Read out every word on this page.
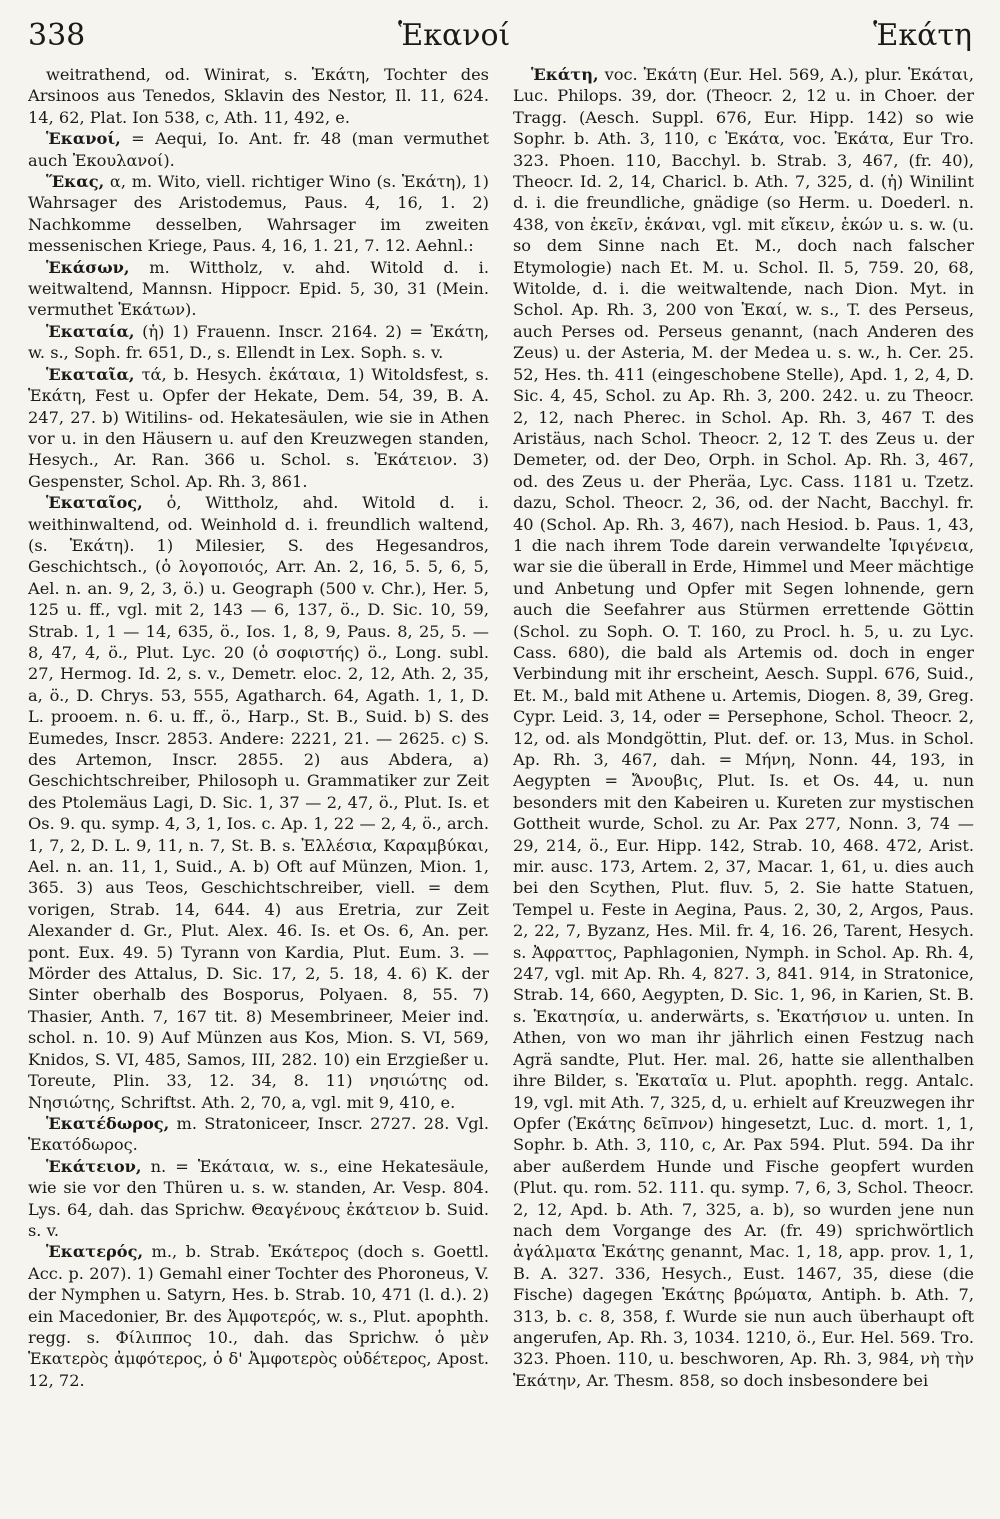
338	Ἑκανοί	Ἑκάτη

weitrathend, od. Winirat, s. Ἑκάτη, Tochter des Arsinoos aus Tenedos, Sklavin des Nestor, Il. 11, 624. 14, 62, Plat. Ion 538, c, Ath. 11, 492, e.

Ἑκανοί, = Aequi, Io. Ant. fr. 48 (man vermuthet auch Ἐκουλανοί).

Ἕκας, α, m. Wito, viell. richtiger Wino (s. Ἑκάτη), 1) Wahrsager des Aristodemus, Paus. 4, 16, 1. 2) Nachkomme desselben, Wahrsager im zweiten messenischen Kriege, Paus. 4, 16, 1. 21, 7. 12. Aehnl.:

Ἑκάσων, m. Wittholz, v. ahd. Witold d. i. weitwaltend, Mannsn. Hippocr. Epid. 5, 30, 31 (Mein. vermuthet Ἑκάτων).

Ἑκαταία, (ἡ) 1) Frauenn. Inscr. 2164. 2) = Ἑκάτη, w. s., Soph. fr. 651, D., s. Ellendt in Lex. Soph. s. v.

Ἑκαταῖα, τά, b. Hesych. ἑκάταια, 1) Witoldsfest, s. Ἑκάτη, Fest u. Opfer der Hekate, Dem. 54, 39, B. A. 247, 27. b) Witilins- od. Hekatesäulen, wie sie in Athen vor u. in den Häusern u. auf den Kreuzwegen standen, Hesych., Ar. Ran. 366 u. Schol. s. Ἑκάτειον. 3) Gespenster, Schol. Ap. Rh. 3, 861.

Ἑκαταῖος, ὁ, Wittholz, ahd. Witold d. i. weithinwaltend, od. Weinhold d. i. freundlich waltend, (s. Ἑκάτη). 1) Milesier, S. des Hegesandros, Geschichtsch., (ὁ λογοποιός, Arr. An. 2, 16, 5. 5, 6, 5, Ael. n. an. 9, 2, 3, ö.) u. Geograph (500 v. Chr.), Her. 5, 125 u. ff., vgl. mit 2, 143 — 6, 137, ö., D. Sic. 10, 59, Strab. 1, 1 — 14, 635, ö., Ios. 1, 8, 9, Paus. 8, 25, 5. — 8, 47, 4, ö., Plut. Lyc. 20 (ὁ σοφιστής) ö., Long. subl. 27, Hermog. Id. 2, s. v., Demetr. eloc. 2, 12, Ath. 2, 35, a, ö., D. Chrys. 53, 555, Agatharch. 64, Agath. 1, 1, D. L. prooem. n. 6. u. ff., ö., Harp., St. B., Suid. b) S. des Eumedes, Inscr. 2853. Andere: 2221, 21. — 2625. c) S. des Artemon, Inscr. 2855. 2) aus Abdera, a) Geschichtschreiber, Philosoph u. Grammatiker zur Zeit des Ptolemäus Lagi, D. Sic. 1, 37 — 2, 47, ö., Plut. Is. et Os. 9. qu. symp. 4, 3, 1, Ios. c. Ap. 1, 22 — 2, 4, ö., arch. 1, 7, 2, D. L. 9, 11, n. 7, St. B. s. Ἐλλέσια, Καραμβύκαι, Ael. n. an. 11, 1, Suid., A. b) Oft auf Münzen, Mion. 1, 365. 3) aus Teos, Geschichtschreiber, viell. = dem vorigen, Strab. 14, 644. 4) aus Eretria, zur Zeit Alexander d. Gr., Plut. Alex. 46. Is. et Os. 6, An. per. pont. Eux. 49. 5) Tyrann von Kardia, Plut. Eum. 3. — Mörder des Attalus, D. Sic. 17, 2, 5. 18, 4. 6) K. der Sinter oberhalb des Bosporus, Polyaen. 8, 55. 7) Thasier, Anth. 7, 167 tit. 8) Mesembrineer, Meier ind. schol. n. 10. 9) Auf Münzen aus Kos, Mion. S. VI, 569, Knidos, S. VI, 485, Samos, III, 282. 10) ein Erzgießer u. Toreute, Plin. 33, 12. 34, 8. 11) νησιώτης od. Νησιώτης, Schriftst. Ath. 2, 70, a, vgl. mit 9, 410, e.

Ἑκατέδωρος, m. Stratoniceer, Inscr. 2727. 28. Vgl. Ἑκατόδωρος.

Ἑκάτειον, n. = Ἑκάταια, w. s., eine Hekatesäule, wie sie vor den Thüren u. s. w. standen, Ar. Vesp. 804. Lys. 64, dah. das Sprichw. Θεαγένους ἑκάτειον b. Suid. s. v.

Ἑκατερός, m., b. Strab. Ἑκάτερος (doch s. Goettl. Acc. p. 207). 1) Gemahl einer Tochter des Phoroneus, V. der Nymphen u. Satyrn, Hes. b. Strab. 10, 471 (l. d.). 2) ein Macedonier, Br. des Ἀμφοτερός, w. s., Plut. apophth. regg. s. Φίλιππος 10., dah. das Sprichw. ὁ μὲν Ἑκατερὸς ἀμφότερος, ὁ δ' Ἀμφοτερὸς οὐδέτερος, Apost. 12, 72.

Ἑκάτη, voc. Ἑκάτη (Eur. Hel. 569, A.), plur. Ἑκάται, Luc. Philops. 39, dor. (Theocr. 2, 12 u. in Choer. der Tragg. (Aesch. Suppl. 676, Eur. Hipp. 142) so wie Sophr. b. Ath. 3, 110, c Ἑκάτα, voc. Ἑκάτα, Eur Tro. 323. Phoen. 110, Bacchyl. b. Strab. 3, 467, (fr. 40), Theocr. Id. 2, 14, Charicl. b. Ath. 7, 325, d. (ἡ) Winilint d. i. die freundliche, gnädige (so Herm. u. Doederl. n. 438, von ἑκεῖν, ἑκάναι, vgl. mit εἴκειν, ἑκών u. s. w. (u. so dem Sinne nach Et. M., doch nach falscher Etymologie) nach Et. M. u. Schol. Il. 5, 759. 20, 68, Witolde, d. i. die weitwaltende, nach Dion. Myt. in Schol. Ap. Rh. 3, 200 von Ἑκαί, w. s., T. des Perseus, auch Perses od. Perseus genannt, (nach Anderen des Zeus) u. der Asteria, M. der Medea u. s. w., h. Cer. 25. 52, Hes. th. 411 (eingeschobene Stelle), Apd. 1, 2, 4, D. Sic. 4, 45, Schol. zu Ap. Rh. 3, 200. 242. u. zu Theocr. 2, 12, nach Pherec. in Schol. Ap. Rh. 3, 467 T. des Aristäus, nach Schol. Theocr. 2, 12 T. des Zeus u. der Demeter, od. der Deo, Orph. in Schol. Ap. Rh. 3, 467, od. des Zeus u. der Pheräa, Lyc. Cass. 1181 u. Tzetz. dazu, Schol. Theocr. 2, 36, od. der Nacht, Bacchyl. fr. 40 (Schol. Ap. Rh. 3, 467), nach Hesiod. b. Paus. 1, 43, 1 die nach ihrem Tode darein verwandelte Ἰφιγένεια, war sie die überall in Erde, Himmel und Meer mächtige und Anbetung und Opfer mit Segen lohnende, gern auch die Seefahrer aus Stürmen errettende Göttin (Schol. zu Soph. O. T. 160, zu Procl. h. 5, u. zu Lyc. Cass. 680), die bald als Artemis od. doch in enger Verbindung mit ihr erscheint, Aesch. Suppl. 676, Suid., Et. M., bald mit Athene u. Artemis, Diogen. 8, 39, Greg. Cypr. Leid. 3, 14, oder = Persephone, Schol. Theocr. 2, 12, od. als Mondgöttin, Plut. def. or. 13, Mus. in Schol. Ap. Rh. 3, 467, dah. = Μήνη, Nonn. 44, 193, in Aegypten = Ἄνουβις, Plut. Is. et Os. 44, u. nun besonders mit den Kabeiren u. Kureten zur mystischen Gottheit wurde, Schol. zu Ar. Pax 277, Nonn. 3, 74 — 29, 214, ö., Eur. Hipp. 142, Strab. 10, 468. 472, Arist. mir. ausc. 173, Artem. 2, 37, Macar. 1, 61, u. dies auch bei den Scythen, Plut. fluv. 5, 2. Sie hatte Statuen, Tempel u. Feste in Aegina, Paus. 2, 30, 2, Argos, Paus. 2, 22, 7, Byzanz, Hes. Mil. fr. 4, 16. 26, Tarent, Hesych. s. Ἀφραττος, Paphlagonien, Nymph. in Schol. Ap. Rh. 4, 247, vgl. mit Ap. Rh. 4, 827. 3, 841. 914, in Stratonice, Strab. 14, 660, Aegypten, D. Sic. 1, 96, in Karien, St. B. s. Ἑκατησία, u. anderwärts, s. Ἑκατήσιον u. unten. In Athen, von wo man ihr jährlich einen Festzug nach Agrä sandte, Plut. Her. mal. 26, hatte sie allenthalben ihre Bilder, s. Ἑκαταῖα u. Plut. apophth. regg. Antalc. 19, vgl. mit Ath. 7, 325, d, u. erhielt auf Kreuzwegen ihr Opfer (Ἑκάτης δεῖπνον) hingesetzt, Luc. d. mort. 1, 1, Sophr. b. Ath. 3, 110, c, Ar. Pax 594. Plut. 594. Da ihr aber außerdem Hunde und Fische geopfert wurden (Plut. qu. rom. 52. 111. qu. symp. 7, 6, 3, Schol. Theocr. 2, 12, Apd. b. Ath. 7, 325, a. b), so wurden jene nun nach dem Vorgange des Ar. (fr. 49) sprichwörtlich ἀγάλματα Ἑκάτης genannt, Mac. 1, 18, app. prov. 1, 1, B. A. 327. 336, Hesych., Eust. 1467, 35, diese (die Fische) dagegen Ἑκάτης βρώματα, Antiph. b. Ath. 7, 313, b. c. 8, 358, f. Wurde sie nun auch überhaupt oft angerufen, Ap. Rh. 3, 1034. 1210, ö., Eur. Hel. 569. Tro. 323. Phoen. 110, u. beschworen, Ap. Rh. 3, 984, νὴ τὴν Ἑκάτην, Ar. Thesm. 858, so doch insbesondere bei
